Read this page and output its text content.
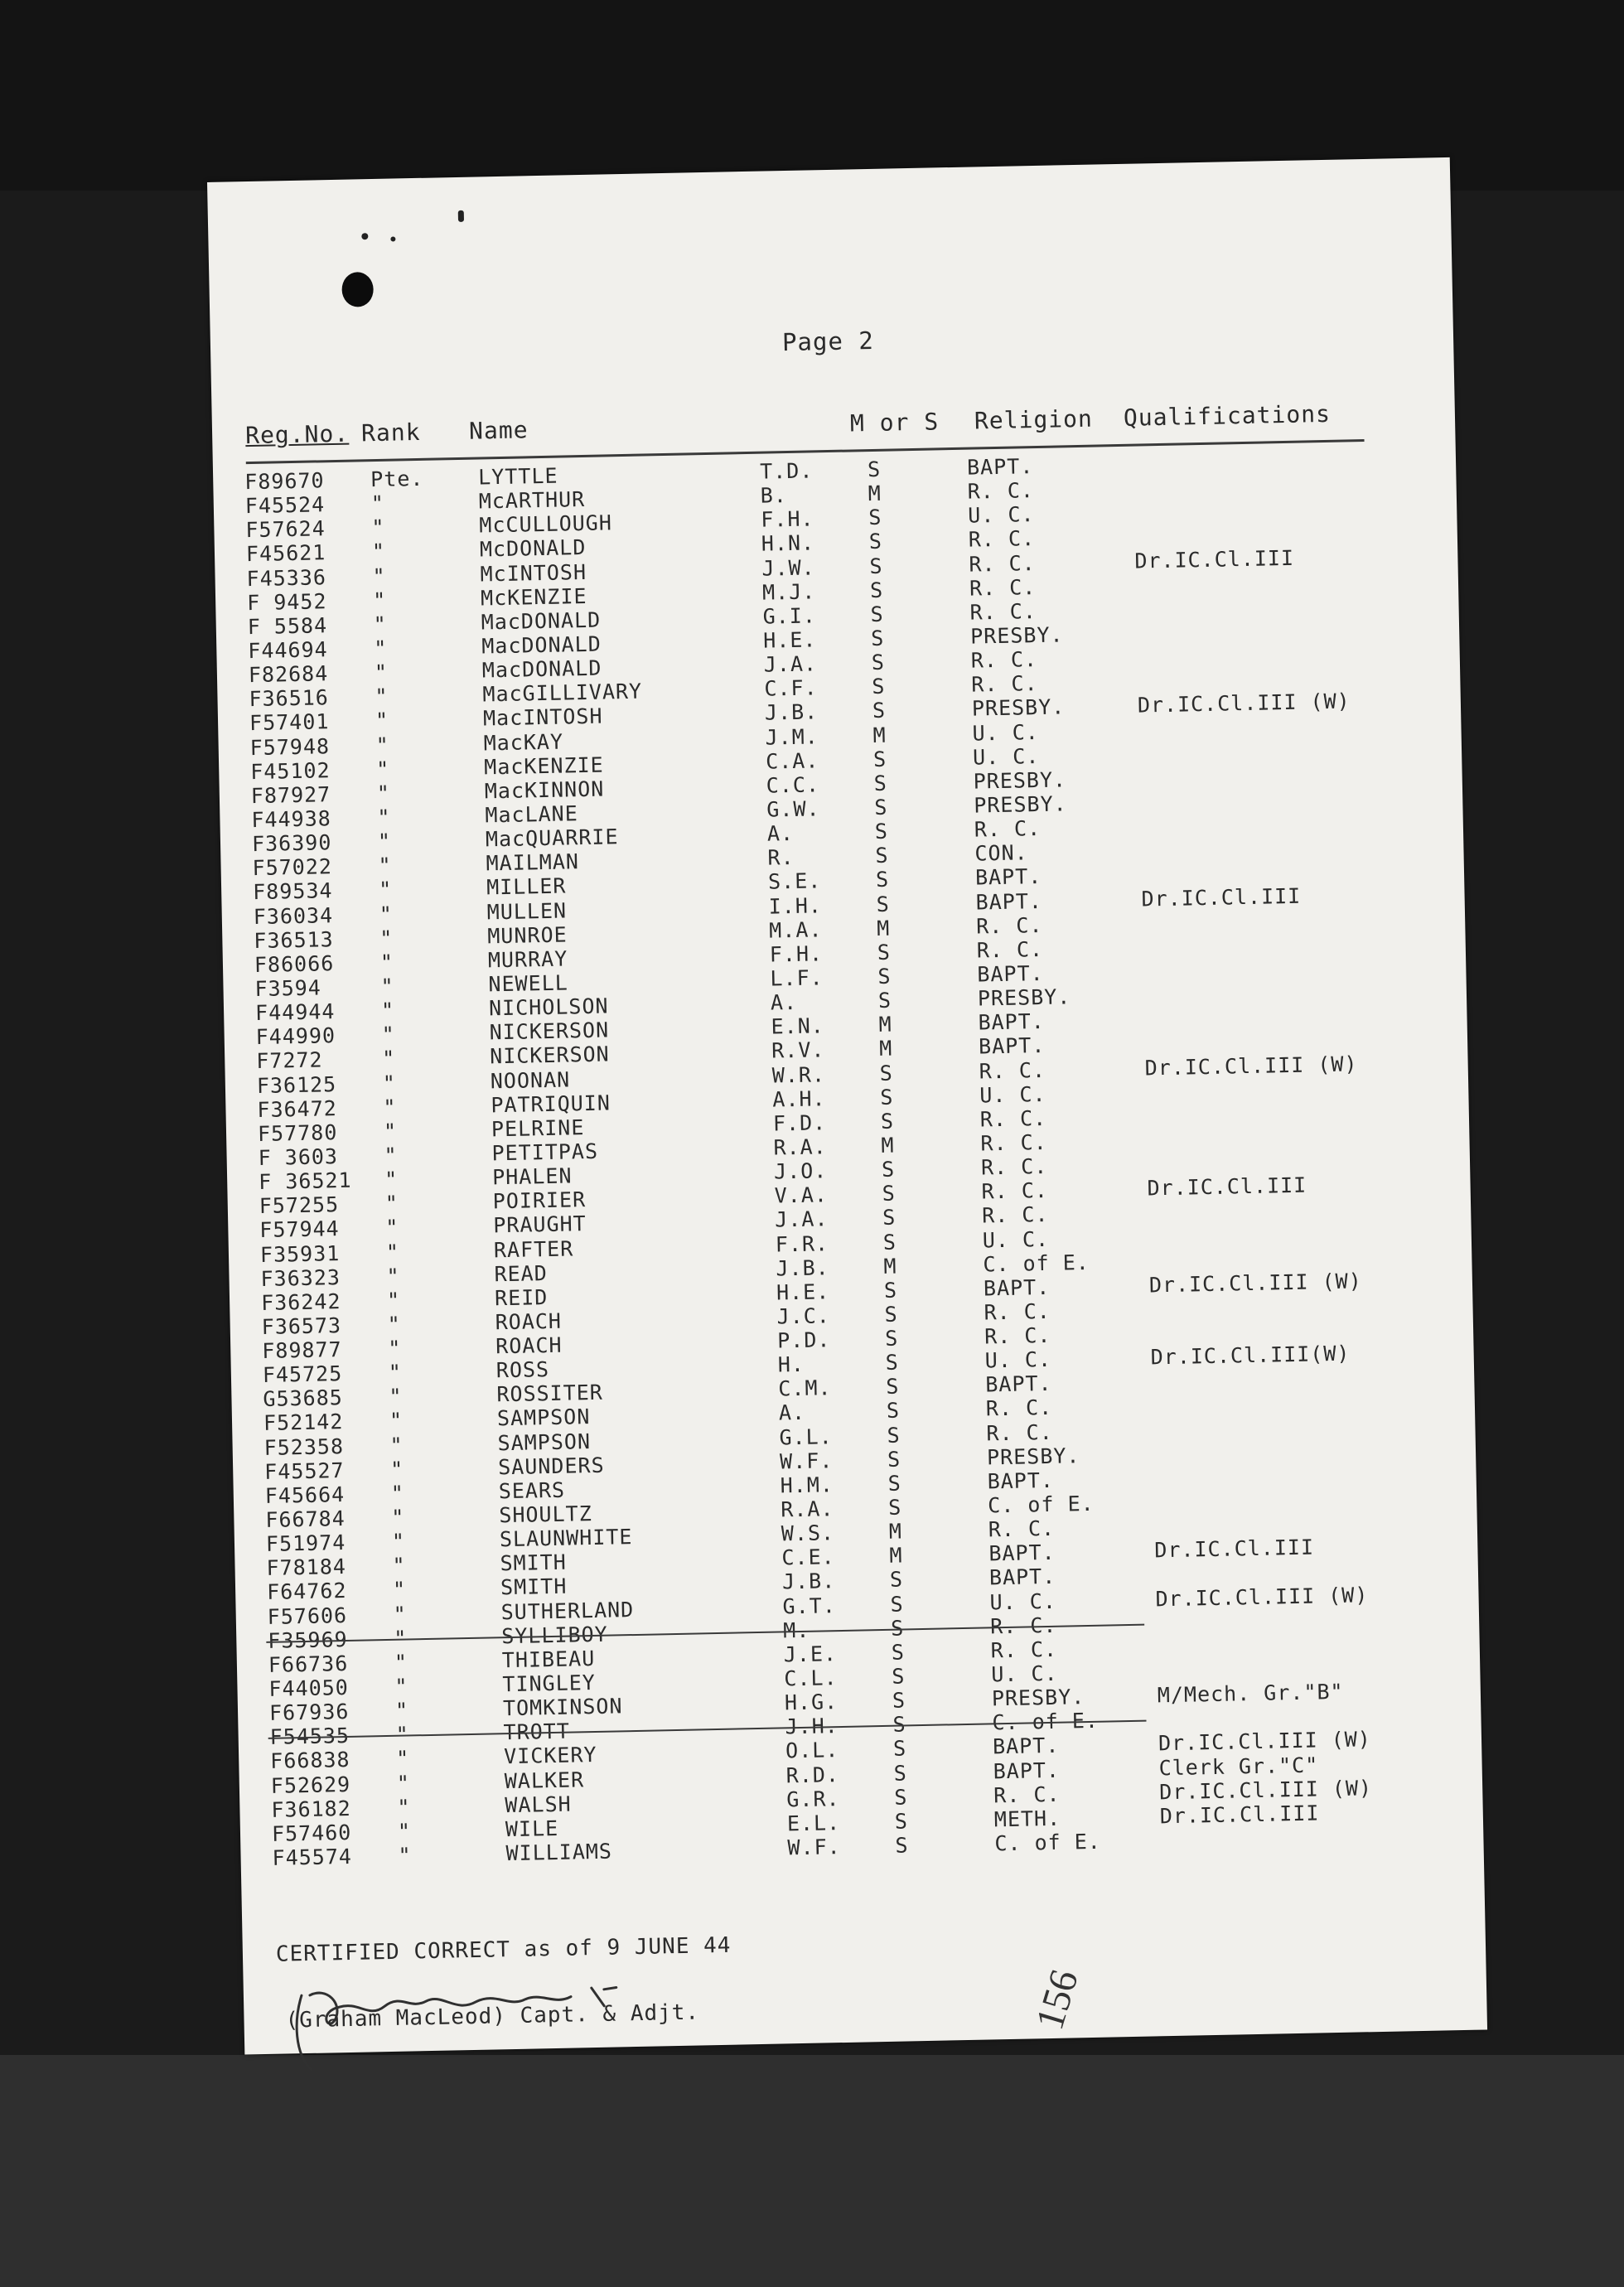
Page 2
Reg.No. Rank Name	M or S Religion Qualifications
F89670 Pte.	LYTTLE	T.D.	S	BAPT.
F45524 "	McARTHUR	B.	M	R. C.
F57624 "	McCULLOUGH	F.H.	S	U. C.
F45621 "	McDONALD	H.N.	S	R. C.
F45336 "	McINTOSH	J.W.	S	R. C.	Dr.IC.Cl.III
F 9452 "	McKENZIE	M.J.	S	R. C.
F 5584 "	MacDONALD	G.I.	S	R. C.
F44694 "	MacDONALD	H.E.	S	PRESBY.
F82684 "	MacDONALD	J.A.	S	R. C.
F36516 "	MacGILLIVARY	C.F.	S	R. C.
F57401 "	MacINTOSH	J.B.	S	PRESBY.	Dr.IC.Cl.III (W)
F57948 "	MacKAY	J.M.	M	U. C.
F45102 "	MacKENZIE	C.A.	S	U. C.
F87927 "	MacKINNON	C.C.	S	PRESBY.
F44938 "	MacLANE	G.W.	S	PRESBY.
F36390 "	MacQUARRIE	A.	S	R. C.
F57022 "	MAILMAN	R.	S	CON.
F89534 "	MILLER	S.E.	S	BAPT.
F36034 "	MULLEN	I.H.	S	BAPT.	Dr.IC.Cl.III
F36513 "	MUNROE	M.A.	M	R. C.
F86066 "	MURRAY	F.H.	S	R. C.
F3594	"	NEWELL	L.F.	S	BAPT.
F44944 "	NICHOLSON	A.	S	PRESBY.
F44990 "	NICKERSON	E.N.	M	BAPT.
F7272	"	NICKERSON	R.V.	M	BAPT.
F36125 "	NOONAN	W.R.	S	R. C.	Dr.IC.Cl.III (W)
F36472 "	PATRIQUIN	A.H.	S	U. C.
F57780 "	PELRINE	F.D.	S	R. C.
F 3603 "	PETITPAS	R.A.	M	R. C.
F 36521 "	PHALEN	J.O.	S	R. C.
F57255 "	POIRIER	V.A.	S	R. C.	Dr.IC.Cl.III
F57944 "	PRAUGHT	J.A.	S	R. C.
F35931 "	RAFTER	F.R.	S	U. C.
F36323 "	READ	J.B.	M	C. of E.
F36242 "	REID	H.E.	S	BAPT.	Dr.IC.Cl.III (W)
F36573 "	ROACH	J.C.	S	R. C.
F89877 "	ROACH	P.D.	S	R. C.
F45725 "	ROSS	H.	S	U. C.	Dr.IC.Cl.III(W)
G53685 "	ROSSITER	C.M.	S	BAPT.
F52142 "	SAMPSON	A.	S	R. C.
F52358 "	SAMPSON	G.L.	S	R. C.
F45527 "	SAUNDERS	W.F.	S	PRESBY.
F45664 "	SEARS	H.M.	S	BAPT.
F66784 "	SHOULTZ	R.A.	S	C. of E.
F51974 "	SLAUNWHITE	W.S.	M	R. C.
F78184 "	SMITH	C.E.	M	BAPT.	Dr.IC.Cl.III
F64762 "	SMITH	J.B.	S	BAPT.
F57606 "	SUTHERLAND	G.T.	S	U. C.	Dr.IC.Cl.III (W)
F35969 "	SYLLIBOY	M.	S	R. C.
F66736 "	THIBEAU	J.E.	S	R. C.
F44050 "	TINGLEY	C.L.	S	U. C.
F67936 "	TOMKINSON	H.G.	S	PRESBY.	M/Mech. Gr."B"
F54535 "	TROTT	J.H.	S	C. of E.
F66838 "	VICKERY	O.L.	S	BAPT.	Dr.IC.Cl.III (W)
F52629 "	WALKER	R.D.	S	BAPT.	Clerk Gr."C"
F36182 "	WALSH	G.R.	S	R. C.	Dr.IC.Cl.III (W)
F57460 "	WILE	E.L.	S	METH.	Dr.IC.Cl.III
F45574 "	WILLIAMS	W.F.	S	C. of E.
CERTIFIED CORRECT as of 9 JUNE 44
(Graham MacLeod) Capt. & Adjt.	156
